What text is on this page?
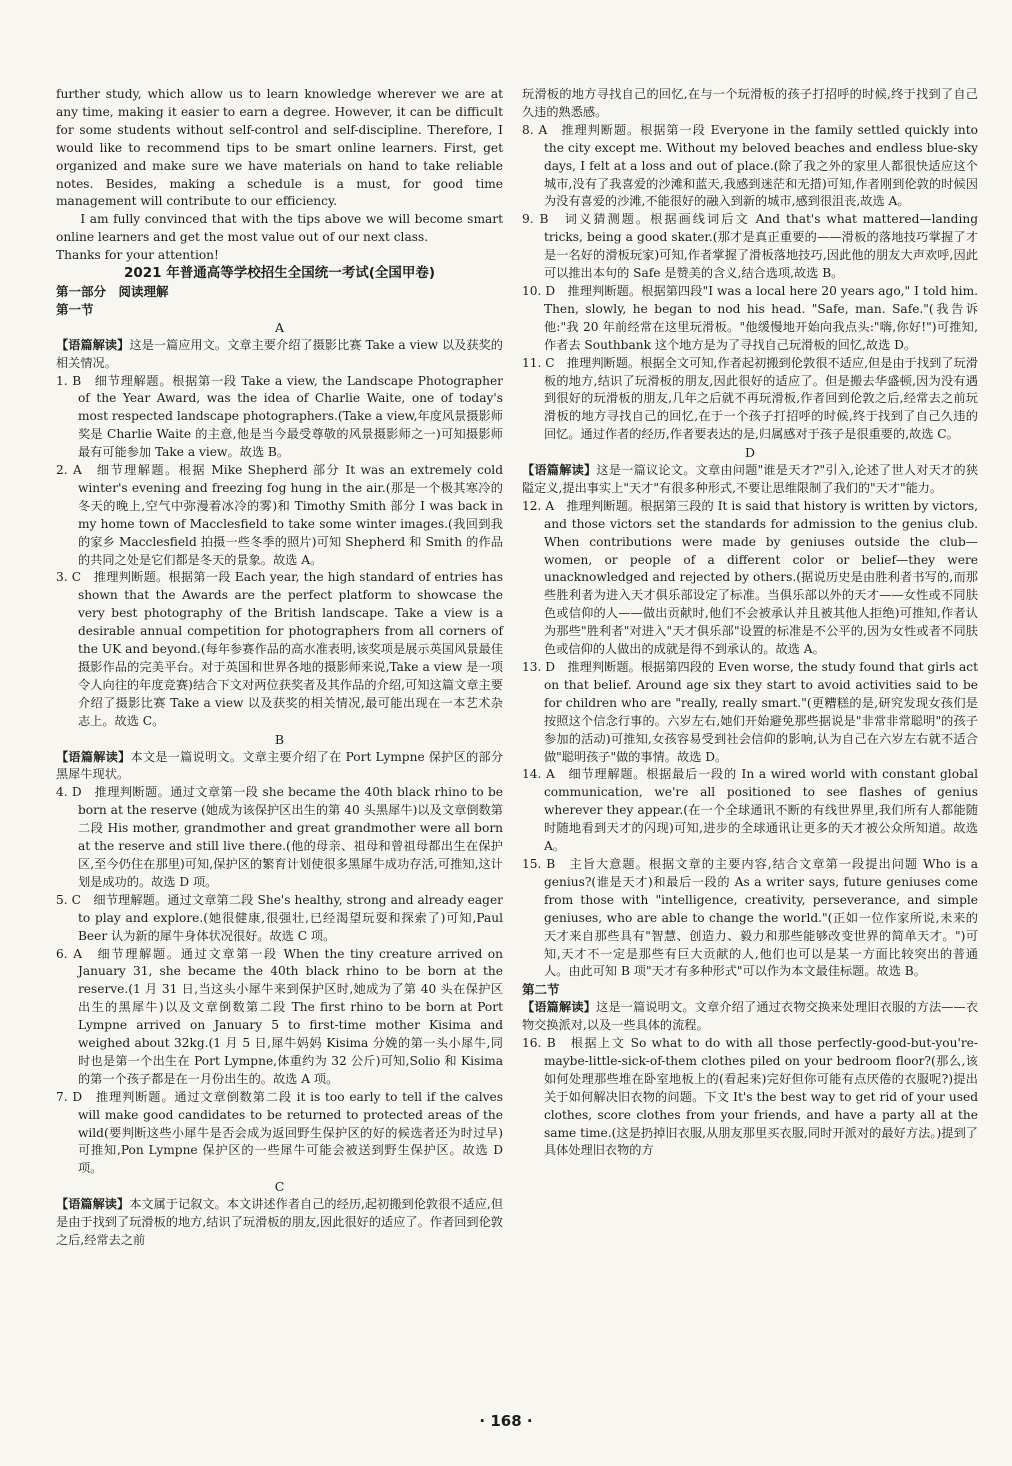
further study, which allow us to learn knowledge wherever we are at any time, making it easier to earn a degree. However, it can be difficult for some students without self-control and self-discipline. Therefore, I would like to recommend tips to be smart online learners. First, get organized and make sure we have materials on hand to take reliable notes. Besides, making a schedule is a must, for good time management will contribute to our efficiency.

I am fully convinced that with the tips above we will become smart online learners and get the most value out of our next class.

Thanks for your attention!

2021 年普通高等学校招生全国统一考试(全国甲卷)

第一部分　阅读理解

第一节

A

【语篇解读】这是一篇应用文。文章主要介绍了摄影比赛 Take a view 以及获奖的相关情况。

1. B　细节理解题。根据第一段 Take a view, the Landscape Photographer of the Year Award, was the idea of Charlie Waite, one of today's most respected landscape photographers.(Take a view,年度风景摄影师奖是 Charlie Waite 的主意,他是当今最受尊敬的风景摄影师之一)可知摄影师最有可能参加 Take a view。故选 B。

2. A　细节理解题。根据 Mike Shepherd 部分 It was an extremely cold winter's evening and freezing fog hung in the air.(那是一个极其寒冷的冬天的晚上,空气中弥漫着冰冷的雾)和 Timothy Smith 部分 I was back in my home town of Macclesfield to take some winter images.(我回到我的家乡 Macclesfield 拍摄一些冬季的照片)可知 Shepherd 和 Smith 的作品的共同之处是它们都是冬天的景象。故选 A。

3. C　推理判断题。根据第一段 Each year, the high standard of entries has shown that the Awards are the perfect platform to showcase the very best photography of the British landscape. Take a view is a desirable annual competition for photographers from all corners of the UK and beyond.(每年参赛作品的高水准表明,该奖项是展示英国风景最佳摄影作品的完美平台。对于英国和世界各地的摄影师来说,Take a view 是一项令人向往的年度竞赛)结合下文对两位获奖者及其作品的介绍,可知这篇文章主要介绍了摄影比赛 Take a view 以及获奖的相关情况,最可能出现在一本艺术杂志上。故选 C。

B

【语篇解读】本文是一篇说明文。文章主要介绍了在 Port Lympne 保护区的部分黑犀牛现状。

4. D　推理判断题。通过文章第一段 she became the 40th black rhino to be born at the reserve (她成为该保护区出生的第 40 头黑犀牛)以及文章倒数第二段 His mother, grandmother and great grandmother were all born at the reserve and still live there.(他的母亲、祖母和曾祖母都出生在保护区,至今仍住在那里)可知,保护区的繁育计划使很多黑犀牛成功存活,可推知,这计划是成功的。故选 D 项。

5. C　细节理解题。通过文章第二段 She's healthy, strong and already eager to play and explore.(她很健康,很强壮,已经渴望玩耍和探索了)可知,Paul Beer 认为新的犀牛身体状况很好。故选 C 项。

6. A　细节理解题。通过文章第一段 When the tiny creature arrived on January 31, she became the 40th black rhino to be born at the reserve.(1 月 31 日,当这头小犀牛来到保护区时,她成为了第 40 头在保护区出生的黑犀牛)以及文章倒数第二段 The first rhino to be born at Port Lympne arrived on January 5 to first-time mother Kisima and weighed about 32kg.(1 月 5 日,犀牛妈妈 Kisima 分娩的第一头小犀牛,同时也是第一个出生在 Port Lympne,体重约为 32 公斤)可知,Solio 和 Kisima 的第一个孩子都是在一月份出生的。故选 A 项。

7. D　推理判断题。通过文章倒数第二段 it is too early to tell if the calves will make good candidates to be returned to protected areas of the wild(要判断这些小犀牛是否会成为返回野生保护区的好的候选者还为时过早)可推知,Pon Lympne 保护区的一些犀牛可能会被送到野生保护区。故选 D 项。

C

【语篇解读】本文属于记叙文。本文讲述作者自己的经历,起初搬到伦敦很不适应,但是由于找到了玩滑板的地方,结识了玩滑板的朋友,因此很好的适应了。作者回到伦敦之后,经常去之前

玩滑板的地方寻找自己的回忆,在与一个玩滑板的孩子打招呼的时候,终于找到了自己久违的熟悉感。

8. A　推理判断题。根据第一段 Everyone in the family settled quickly into the city except me. Without my beloved beaches and endless blue-sky days, I felt at a loss and out of place.(除了我之外的家里人都很快适应这个城市,没有了我喜爱的沙滩和蓝天,我感到迷茫和无措)可知,作者刚到伦敦的时候因为没有喜爱的沙滩,不能很好的融入到新的城市,感到很沮丧,故选 A。

9. B　词义猜测题。根据画线词后文 And that's what mattered—landing tricks, being a good skater.(那才是真正重要的——滑板的落地技巧掌握了才是一名好的滑板玩家)可知,作者掌握了滑板落地技巧,因此他的朋友大声欢呼,因此可以推出本句的 Safe 是赞美的含义,结合选项,故选 B。

10. D　推理判断题。根据第四段"I was a local here 20 years ago," I told him. Then, slowly, he began to nod his head. "Safe, man. Safe."(我告诉他:"我 20 年前经常在这里玩滑板。"他缓慢地开始向我点头:"嗨,你好!")可推知,作者去 Southbank 这个地方是为了寻找自己玩滑板的回忆,故选 D。

11. C　推理判断题。根据全文可知,作者起初搬到伦敦很不适应,但是由于找到了玩滑板的地方,结识了玩滑板的朋友,因此很好的适应了。但是搬去华盛顿,因为没有遇到很好的玩滑板的朋友,几年之后就不再玩滑板,作者回到伦敦之后,经常去之前玩滑板的地方寻找自己的回忆,在于一个孩子打招呼的时候,终于找到了自己久违的回忆。通过作者的经历,作者要表达的是,归属感对于孩子是很重要的,故选 C。

D

【语篇解读】这是一篇议论文。文章由问题"谁是天才?"引入,论述了世人对天才的狭隘定义,提出事实上"天才"有很多种形式,不要让思维限制了我们的"天才"能力。

12. A　推理判断题。根据第三段的 It is said that history is written by victors, and those victors set the standards for admission to the genius club. When contributions were made by geniuses outside the club—women, or people of a different color or belief—they were unacknowledged and rejected by others.(据说历史是由胜利者书写的,而那些胜利者为进入天才俱乐部设定了标准。当俱乐部以外的天才——女性或不同肤色或信仰的人——做出贡献时,他们不会被承认并且被其他人拒绝)可推知,作者认为那些"胜利者"对进入"天才俱乐部"设置的标准是不公平的,因为女性或者不同肤色或信仰的人做出的成就是得不到承认的。故选 A。

13. D　推理判断题。根据第四段的 Even worse, the study found that girls act on that belief. Around age six they start to avoid activities said to be for children who are "really, really smart."(更糟糕的是,研究发现女孩们是按照这个信念行事的。六岁左右,她们开始避免那些据说是"非常非常聪明"的孩子参加的活动)可推知,女孩容易受到社会信仰的影响,认为自己在六岁左右就不适合做"聪明孩子"做的事情。故选 D。

14. A　细节理解题。根据最后一段的 In a wired world with constant global communication, we're all positioned to see flashes of genius wherever they appear.(在一个全球通讯不断的有线世界里,我们所有人都能随时随地看到天才的闪现)可知,进步的全球通讯让更多的天才被公众所知道。故选 A。

15. B　主旨大意题。根据文章的主要内容,结合文章第一段提出问题 Who is a genius?(谁是天才)和最后一段的 As a writer says, future geniuses come from those with "intelligence, creativity, perseverance, and simple geniuses, who are able to change the world."(正如一位作家所说,未来的天才来自那些具有"智慧、创造力、毅力和那些能够改变世界的简单天才。")可知,天才不一定是那些有巨大贡献的人,他们也可以是某一方面比较突出的普通人。由此可知 B 项"天才有多种形式"可以作为本文最佳标题。故选 B。

第二节

【语篇解读】这是一篇说明文。文章介绍了通过衣物交换来处理旧衣服的方法——衣物交换派对,以及一些具体的流程。

16. B　根据上文 So what to do with all those perfectly-good-but-you're-maybe-little-sick-of-them clothes piled on your bedroom floor?(那么,该如何处理那些堆在卧室地板上的(看起来)完好但你可能有点厌倦的衣服呢?)提出关于如何解决旧衣物的问题。下文 It's the best way to get rid of your used clothes, score clothes from your friends, and have a party all at the same time.(这是扔掉旧衣服,从朋友那里买衣服,同时开派对的最好方法。)提到了具体处理旧衣物的方

· 168 ·
